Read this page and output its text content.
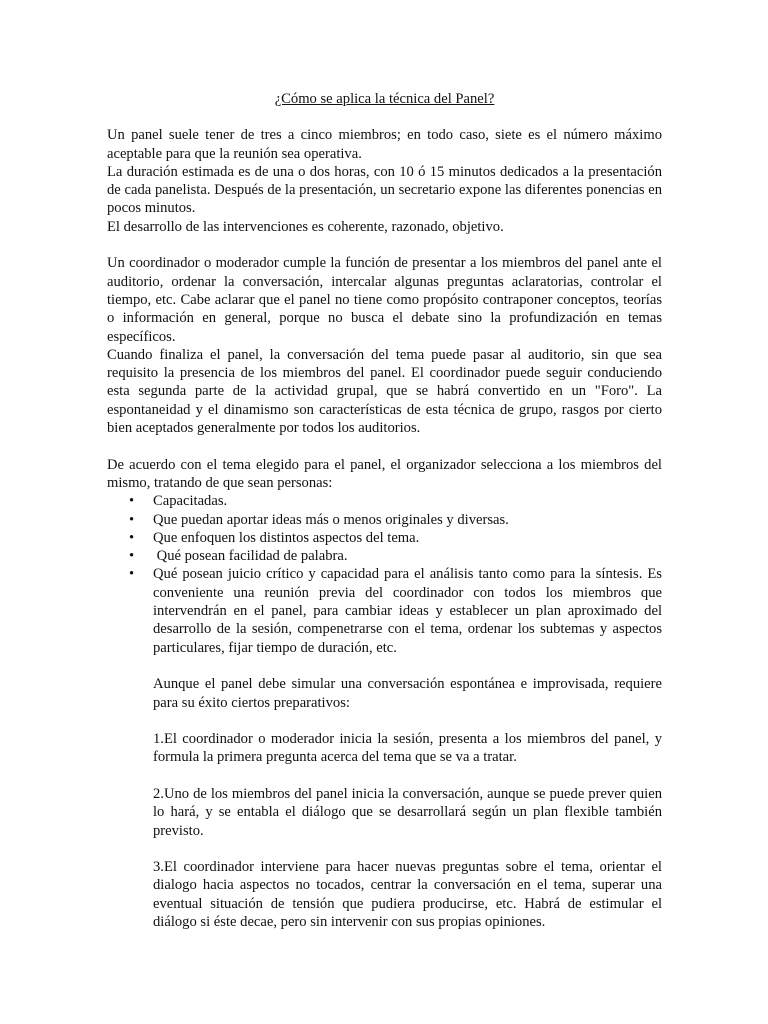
¿Cómo se aplica la técnica del Panel?

Un panel suele tener de tres a cinco miembros; en todo caso, siete es el número máximo aceptable para que la reunión sea operativa.

La duración estimada es de una o dos horas, con 10 ó 15 minutos dedicados a la presentación de cada panelista. Después de la presentación, un secretario expone las diferentes ponencias en pocos minutos.

El desarrollo de las intervenciones es coherente, razonado, objetivo.

Un coordinador o moderador cumple la función de presentar a los miembros del panel ante el auditorio, ordenar la conversación, intercalar algunas preguntas aclaratorias, controlar el tiempo, etc. Cabe aclarar que el panel no tiene como propósito contraponer conceptos, teorías o información en general, porque no busca el debate sino la profundización en temas específicos.

Cuando finaliza el panel, la conversación del tema puede pasar al auditorio, sin que sea requisito la presencia de los miembros del panel. El coordinador puede seguir conduciendo esta segunda parte de la actividad grupal, que se habrá convertido en un "Foro". La espontaneidad y el dinamismo son características de esta técnica de grupo, rasgos por cierto bien aceptados generalmente por todos los auditorios.

De acuerdo con el tema elegido para el panel, el organizador selecciona a los miembros del mismo, tratando de que sean personas:

• Capacitadas.
• Que puedan aportar ideas más o menos originales y diversas.
• Que enfoquen los distintos aspectos del tema.
• Qué posean facilidad de palabra.
• Qué posean juicio crítico y capacidad para el análisis tanto como para la síntesis. Es conveniente una reunión previa del coordinador con todos los miembros que intervendrán en el panel, para cambiar ideas y establecer un plan aproximado del desarrollo de la sesión, compenetrarse con el tema, ordenar los subtemas y aspectos particulares, fijar tiempo de duración, etc.

Aunque el panel debe simular una conversación espontánea e improvisada, requiere para su éxito ciertos preparativos:

1.El coordinador o moderador inicia la sesión, presenta a los miembros del panel, y formula la primera pregunta acerca del tema que se va a tratar.

2.Uno de los miembros del panel inicia la conversación, aunque se puede prever quien lo hará, y se entabla el diálogo que se desarrollará según un plan flexible también previsto.

3.El coordinador interviene para hacer nuevas preguntas sobre el tema, orientar el dialogo hacia aspectos no tocados, centrar la conversación en el tema, superar una eventual situación de tensión que pudiera producirse, etc. Habrá de estimular el diálogo si éste decae, pero sin intervenir con sus propias opiniones.
